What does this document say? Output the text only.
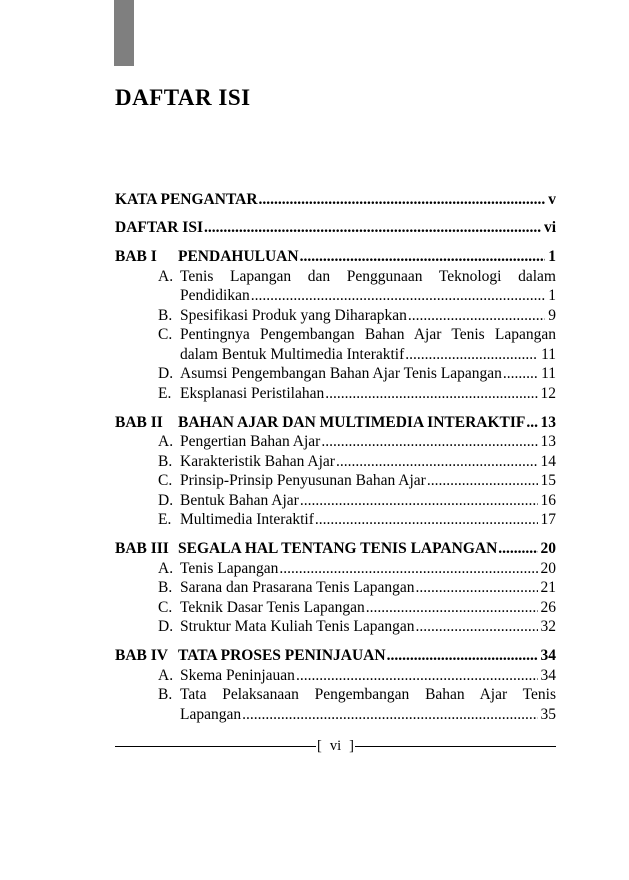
DAFTAR ISI
KATA PENGANTAR .....	v
DAFTAR ISI .....	vi
BAB I	PENDAHULUAN .....	1
A. Tenis Lapangan dan Penggunaan Teknologi dalam
Pendidikan .....	1
B. Spesifikasi Produk yang Diharapkan .....	9
C. Pentingnya Pengembangan Bahan Ajar Tenis Lapangan
dalam Bentuk Multimedia Interaktif .....	11
D. Asumsi Pengembangan Bahan Ajar Tenis Lapangan .....	11
E. Eksplanasi Peristilahan .....	12
BAB II BAHAN AJAR DAN MULTIMEDIA INTERAKTIF ..... 13
A. Pengertian Bahan Ajar .....	13
B. Karakteristik Bahan Ajar .....	14
C. Prinsip-Prinsip Penyusunan Bahan Ajar .....	15
D. Bentuk Bahan Ajar .....	16
E. Multimedia Interaktif .....	17
BAB III SEGALA HAL TENTANG TENIS LAPANGAN .....	20
A. Tenis Lapangan .....	20
B. Sarana dan Prasarana Tenis Lapangan .....	21
C. Teknik Dasar Tenis Lapangan .....	26
D. Struktur Mata Kuliah Tenis Lapangan .....	32
BAB IV TATA PROSES PENINJAUAN .....	34
A. Skema Peninjauan .....	34
B. Tata Pelaksanaan Pengembangan Bahan Ajar Tenis
Lapangan .....	35
[ vi ]
